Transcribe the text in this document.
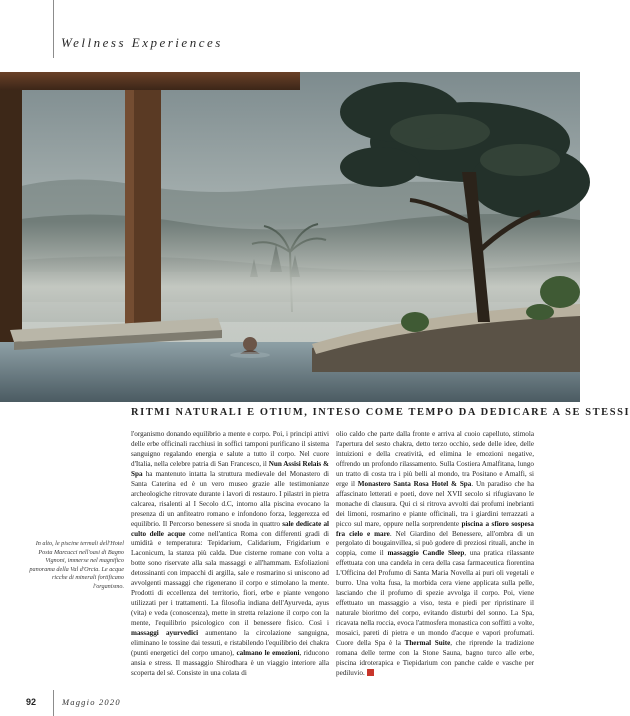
Wellness Experiences
In alto, le piscine termali dell'Hotel Posta Marcucci nell'oasi di Bagno Vignoni, immerse nel magnifico panorama della Val d'Orcia. Le acque ricche di minerali fortificano l'organismo.
RITMI NATURALI E OTIUM, INTESO COME TEMPO DA DEDICARE A SE STESSI
l'organismo donando equilibrio a mente e corpo. Poi, i principi attivi delle erbe officinali racchiusi in soffici tamponi purificano il sistema sanguigno regalando energia e salute a tutto il corpo. Nel cuore d'Italia, nella celebre patria di San Francesco, il Nun Assisi Relais & Spa ha mantenuto intatta la struttura medievale del Monastero di Santa Caterina ed è un vero museo grazie alle testimonianze archeologiche ritrovate durante i lavori di restauro. I pilastri in pietra calcarea, risalenti al I Secolo d.C, intorno alla piscina evocano la presenza di un anfiteatro romano e infondono forza, leggerezza ed equilibrio. Il Percorso benessere si snoda in quattro sale dedicate al culto delle acque come nell'antica Roma con differenti gradi di umidità e temperatura: Tepidarium, Calidarium, Frigidarium e Laconicum, la stanza più calda. Due cisterne romane con volta a botte sono riservate alla sala massaggi e all'hammam. Esfoliazioni detossinanti con impacchi di argilla, sale e rosmarino si uniscono ad avvolgenti massaggi che rigenerano il corpo e stimolano la mente. Prodotti di eccellenza del territorio, fiori, erbe e piante vengono utilizzati per i trattamenti. La filosofia indiana dell'Ayurveda, ayus (vita) e veda (conoscenza), mette in stretta relazione il corpo con la mente, l'equilibrio psicologico con il benessere fisico. Così i massaggi ayurvedici aumentano la circolazione sanguigna, eliminano le tossine dai tessuti, e ristabilendo l'equilibrio dei chakra (punti energetici del corpo umano), calmano le emozioni, riducono ansia e stress. Il massaggio Shirodhara è un viaggio interiore alla scoperta del sé. Consiste in una colata di
olio caldo che parte dalla fronte e arriva al cuoio capelluto, stimola l'apertura del sesto chakra, detto terzo occhio, sede delle idee, delle intuizioni e della creatività, ed elimina le emozioni negative, offrendo un profondo rilassamento. Sulla Costiera Amalfitana, lungo un tratto di costa tra i più belli al mondo, tra Positano e Amalfi, si erge il Monastero Santa Rosa Hotel & Spa. Un paradiso che ha affascinato letterati e poeti, dove nel XVII secolo si rifugiavano le monache di clausura. Qui ci si ritrova avvolti dai profumi inebrianti dei limoni, rosmarino e piante officinali, tra i giardini terrazzati a picco sul mare, oppure nella sorprendente piscina a sfioro sospesa fra cielo e mare. Nel Giardino del Benessere, all'ombra di un pergolato di bougainvillea, si può godere di preziosi rituali, anche in coppia, come il massaggio Candle Sleep, una pratica rilassante effettuata con una candela in cera della casa farmaceutica fiorentina L'Officina del Profumo di Santa Maria Novella ai puri oli vegetali e burro. Una volta fusa, la morbida cera viene applicata sulla pelle, lasciando che il profumo di spezie avvolga il corpo. Poi, viene effettuato un massaggio a viso, testa e piedi per ripristinare il naturale bioritmo del corpo, evitando disturbi del sonno. La Spa, ricavata nella roccia, evoca l'atmosfera monastica con soffitti a volte, mosaici, pareti di pietra e un mondo d'acque e vapori profumati. Cuore della Spa è la Thermal Suite, che riprende la tradizione romana delle terme con la Stone Sauna, bagno turco alle erbe, piscina idroterapica e Tiepidarium con panche calde e vasche per pediluvio.
92	Maggio 2020
